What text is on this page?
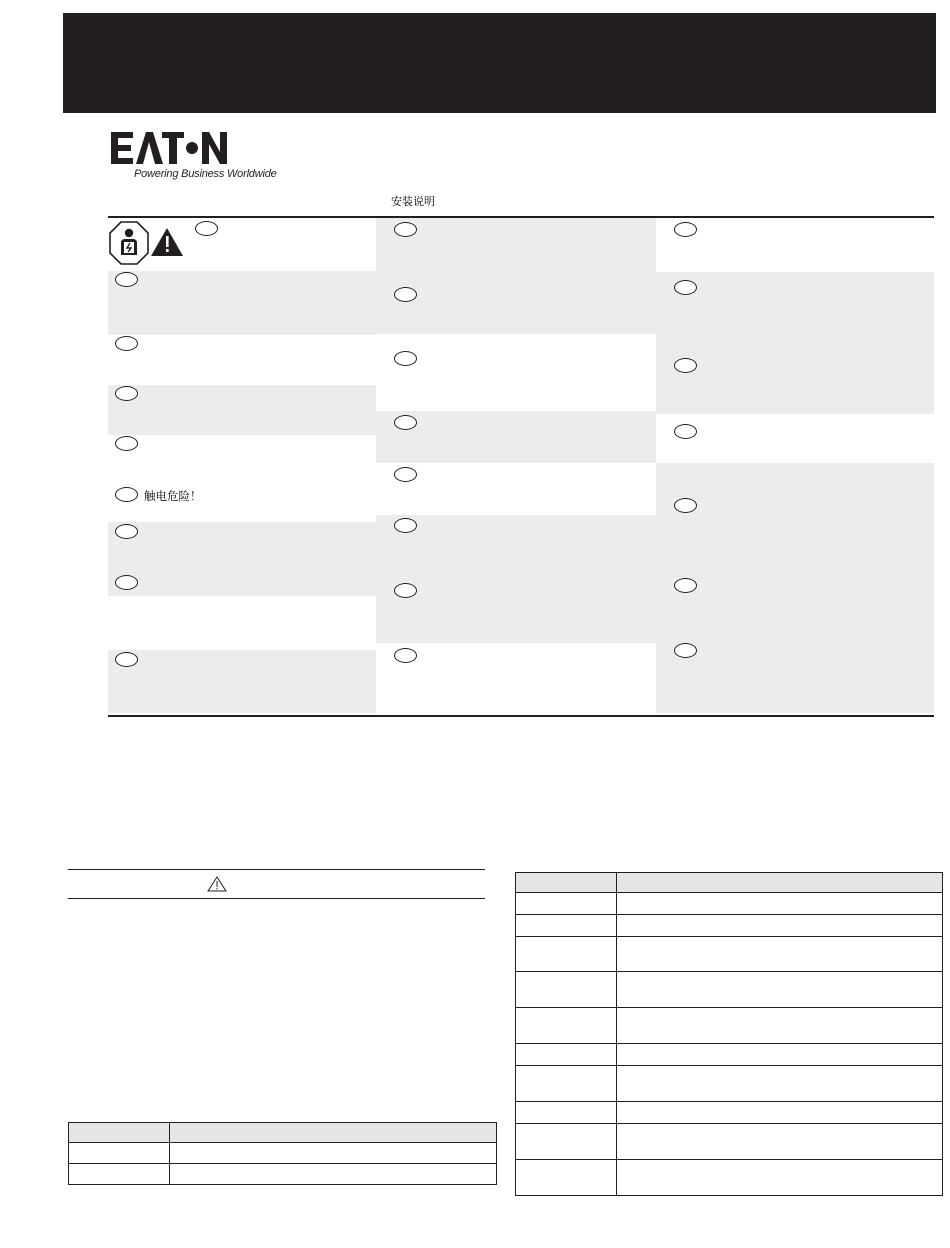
Powering Business Worldwide
安装说明
触电危险！
